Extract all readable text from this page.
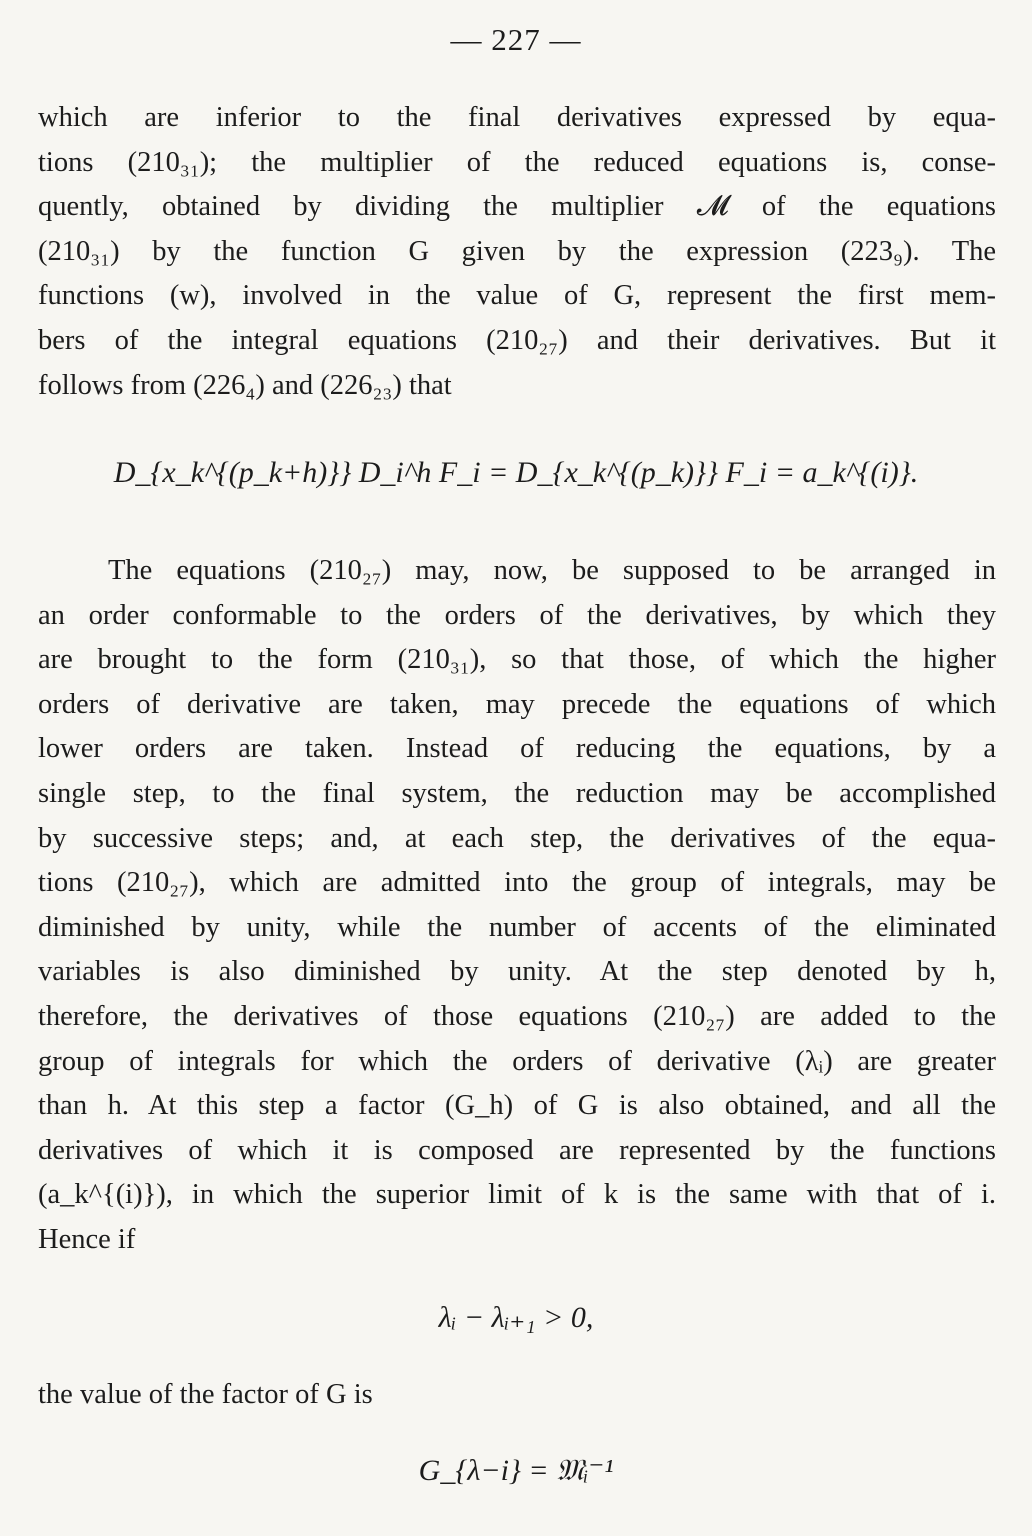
— 227 —
which are inferior to the final derivatives expressed by equa-
tions (210₃₁); the multiplier of the reduced equations is, conse-
quently, obtained by dividing the multiplier 𝓜 of the equations
(210₃₁) by the function G given by the expression (223₉). The
functions (w), involved in the value of G, represent the first mem-
bers of the integral equations (210₂₇) and their derivatives. But it
follows from (226₄) and (226₂₃) that
D_{x_k^{(p_k+h)}} D_i^h F_i = D_{x_k^{(p_k)}} F_i = a_k^{(i)}.
The equations (210₂₇) may, now, be supposed to be arranged in
an order conformable to the orders of the derivatives, by which they
are brought to the form (210₃₁), so that those, of which the higher
orders of derivative are taken, may precede the equations of which
lower orders are taken. Instead of reducing the equations, by a
single step, to the final system, the reduction may be accomplished
by successive steps; and, at each step, the derivatives of the equa-
tions (210₂₇), which are admitted into the group of integrals, may be
diminished by unity, while the number of accents of the eliminated
variables is also diminished by unity. At the step denoted by h,
therefore, the derivatives of those equations (210₂₇) are added to the
group of integrals for which the orders of derivative (λᵢ) are greater
than h. At this step a factor (G_h) of G is also obtained, and all the
derivatives of which it is composed are represented by the functions
(a_k^{(i)}), in which the superior limit of k is the same with that of i.
Hence if
λᵢ − λᵢ₊₁ > 0,
the value of the factor of G is
G_{λ−i} = 𝔐ᵢ⁻¹
